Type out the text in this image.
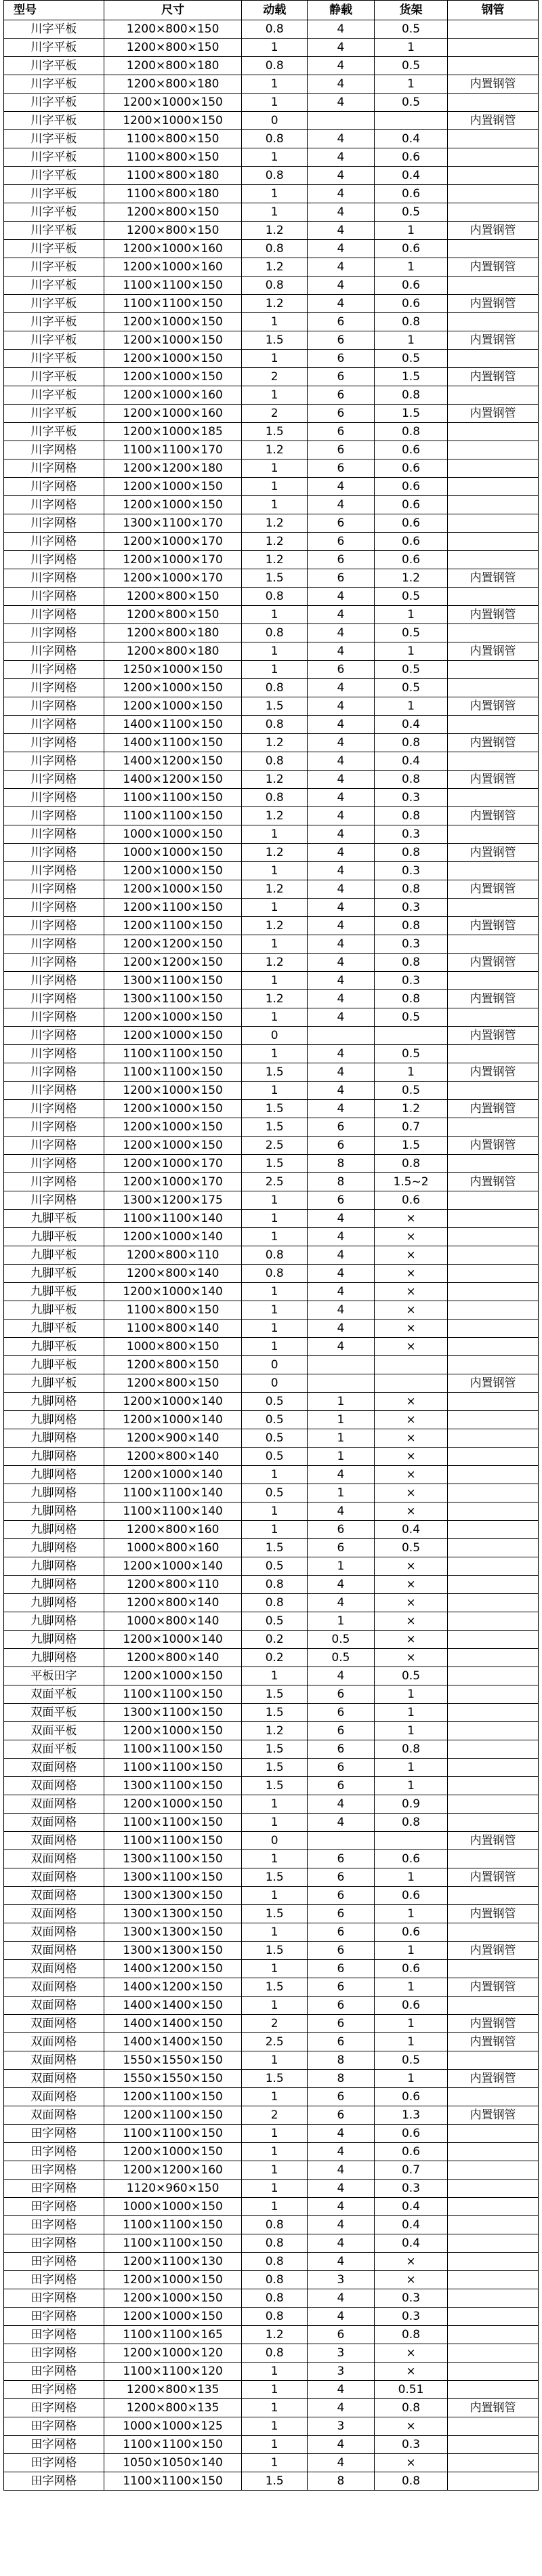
型号	尺寸	动载	静载	货架	钢管
川字平板	1200×800×150	0.8	4	0.5	
川字平板	1200×800×150	1	4	1	
川字平板	1200×800×180	0.8	4	0.5	
川字平板	1200×800×180	1	4	1	内置钢管
川字平板	1200×1000×150	1	4	0.5	
川字平板	1200×1000×150	0			内置钢管
川字平板	1100×800×150	0.8	4	0.4	
川字平板	1100×800×150	1	4	0.6	
川字平板	1100×800×180	0.8	4	0.4	
川字平板	1100×800×180	1	4	0.6	
川字平板	1200×800×150	1	4	0.5	
川字平板	1200×800×150	1.2	4	1	内置钢管
川字平板	1200×1000×160	0.8	4	0.6	
川字平板	1200×1000×160	1.2	4	1	内置钢管
川字平板	1100×1100×150	0.8	4	0.6	
川字平板	1100×1100×150	1.2	4	0.6	内置钢管
川字平板	1200×1000×150	1	6	0.8	
川字平板	1200×1000×150	1.5	6	1	内置钢管
川字平板	1200×1000×150	1	6	0.5	
川字平板	1200×1000×150	2	6	1.5	内置钢管
川字平板	1200×1000×160	1	6	0.8	
川字平板	1200×1000×160	2	6	1.5	内置钢管
川字平板	1200×1000×185	1.5	6	0.8	
川字网格	1100×1100×170	1.2	6	0.6	
川字网格	1200×1200×180	1	6	0.6	
川字网格	1200×1000×150	1	4	0.6	
川字网格	1200×1000×150	1	4	0.6	
川字网格	1300×1100×170	1.2	6	0.6	
川字网格	1200×1000×170	1.2	6	0.6	
川字网格	1200×1000×170	1.2	6	0.6	
川字网格	1200×1000×170	1.5	6	1.2	内置钢管
川字网格	1200×800×150	0.8	4	0.5	
川字网格	1200×800×150	1	4	1	内置钢管
川字网格	1200×800×180	0.8	4	0.5	
川字网格	1200×800×180	1	4	1	内置钢管
川字网格	1250×1000×150	1	6	0.5	
川字网格	1200×1000×150	0.8	4	0.5	
川字网格	1200×1000×150	1.5	4	1	内置钢管
川字网格	1400×1100×150	0.8	4	0.4	
川字网格	1400×1100×150	1.2	4	0.8	内置钢管
川字网格	1400×1200×150	0.8	4	0.4	
川字网格	1400×1200×150	1.2	4	0.8	内置钢管
川字网格	1100×1100×150	0.8	4	0.3	
川字网格	1100×1100×150	1.2	4	0.8	内置钢管
川字网格	1000×1000×150	1	4	0.3	
川字网格	1000×1000×150	1.2	4	0.8	内置钢管
川字网格	1200×1000×150	1	4	0.3	
川字网格	1200×1000×150	1.2	4	0.8	内置钢管
川字网格	1200×1100×150	1	4	0.3	
川字网格	1200×1100×150	1.2	4	0.8	内置钢管
川字网格	1200×1200×150	1	4	0.3	
川字网格	1200×1200×150	1.2	4	0.8	内置钢管
川字网格	1300×1100×150	1	4	0.3	
川字网格	1300×1100×150	1.2	4	0.8	内置钢管
川字网格	1200×1000×150	1	4	0.5	
川字网格	1200×1000×150	0			内置钢管
川字网格	1100×1100×150	1	4	0.5	
川字网格	1100×1100×150	1.5	4	1	内置钢管
川字网格	1200×1000×150	1	4	0.5	
川字网格	1200×1000×150	1.5	4	1.2	内置钢管
川字网格	1200×1000×150	1.5	6	0.7	
川字网格	1200×1000×150	2.5	6	1.5	内置钢管
川字网格	1200×1000×170	1.5	8	0.8	
川字网格	1200×1000×170	2.5	8	1.5~2	内置钢管
川字网格	1300×1200×175	1	6	0.6	
九脚平板	1100×1100×140	1	4	×	
九脚平板	1200×1000×140	1	4	×	
九脚平板	1200×800×110	0.8	4	×	
九脚平板	1200×800×140	0.8	4	×	
九脚平板	1200×1000×140	1	4	×	
九脚平板	1100×800×150	1	4	×	
九脚平板	1100×800×140	1	4	×	
九脚平板	1000×800×150	1	4	×	
九脚平板	1200×800×150	0			
九脚平板	1200×800×150	0			内置钢管
九脚网格	1200×1000×140	0.5	1	×	
九脚网格	1200×1000×140	0.5	1	×	
九脚网格	1200×900×140	0.5	1	×	
九脚网格	1200×800×140	0.5	1	×	
九脚网格	1200×1000×140	1	4	×	
九脚网格	1100×1100×140	0.5	1	×	
九脚网格	1100×1100×140	1	4	×	
九脚网格	1200×800×160	1	6	0.4	
九脚网格	1000×800×160	1.5	6	0.5	
九脚网格	1200×1000×140	0.5	1	×	
九脚网格	1200×800×110	0.8	4	×	
九脚网格	1200×800×140	0.8	4	×	
九脚网格	1000×800×140	0.5	1	×	
九脚网格	1200×1000×140	0.2	0.5	×	
九脚网格	1200×800×140	0.2	0.5	×	
平板田字	1200×1000×150	1	4	0.5	
双面平板	1100×1100×150	1.5	6	1	
双面平板	1300×1100×150	1.5	6	1	
双面平板	1200×1000×150	1.2	6	1	
双面平板	1100×1100×150	1.5	6	0.8	
双面网格	1100×1100×150	1.5	6	1	
双面网格	1300×1100×150	1.5	6	1	
双面网格	1200×1000×150	1	4	0.9	
双面网格	1100×1100×150	1	4	0.8	
双面网格	1100×1100×150	0			内置钢管
双面网格	1300×1100×150	1	6	0.6	
双面网格	1300×1100×150	1.5	6	1	内置钢管
双面网格	1300×1300×150	1	6	0.6	
双面网格	1300×1300×150	1.5	6	1	内置钢管
双面网格	1300×1300×150	1	6	0.6	
双面网格	1300×1300×150	1.5	6	1	内置钢管
双面网格	1400×1200×150	1	6	0.6	
双面网格	1400×1200×150	1.5	6	1	内置钢管
双面网格	1400×1400×150	1	6	0.6	
双面网格	1400×1400×150	2	6	1	内置钢管
双面网格	1400×1400×150	2.5	6	1	内置钢管
双面网格	1550×1550×150	1	8	0.5	
双面网格	1550×1550×150	1.5	8	1	内置钢管
双面网格	1200×1100×150	1	6	0.6	
双面网格	1200×1100×150	2	6	1.3	内置钢管
田字网格	1100×1100×150	1	4	0.6	
田字网格	1200×1000×150	1	4	0.6	
田字网格	1200×1200×160	1	4	0.7	
田字网格	1120×960×150	1	4	0.3	
田字网格	1000×1000×150	1	4	0.4	
田字网格	1100×1100×150	0.8	4	0.4	
田字网格	1100×1100×150	0.8	4	0.4	
田字网格	1200×1100×130	0.8	4	×	
田字网格	1200×1000×150	0.8	3	×	
田字网格	1200×1000×150	0.8	4	0.3	
田字网格	1200×1000×150	0.8	4	0.3	
田字网格	1100×1100×165	1.2	6	0.8	
田字网格	1200×1000×120	0.8	3	×	
田字网格	1100×1100×120	1	3	×	
田字网格	1200×800×135	1	4	0.51	
田字网格	1200×800×135	1	4	0.8	内置钢管
田字网格	1000×1000×125	1	3	×	
田字网格	1100×1100×150	1	4	0.3	
田字网格	1050×1050×140	1	4	×	
田字网格	1100×1100×150	1.5	8	0.8	
